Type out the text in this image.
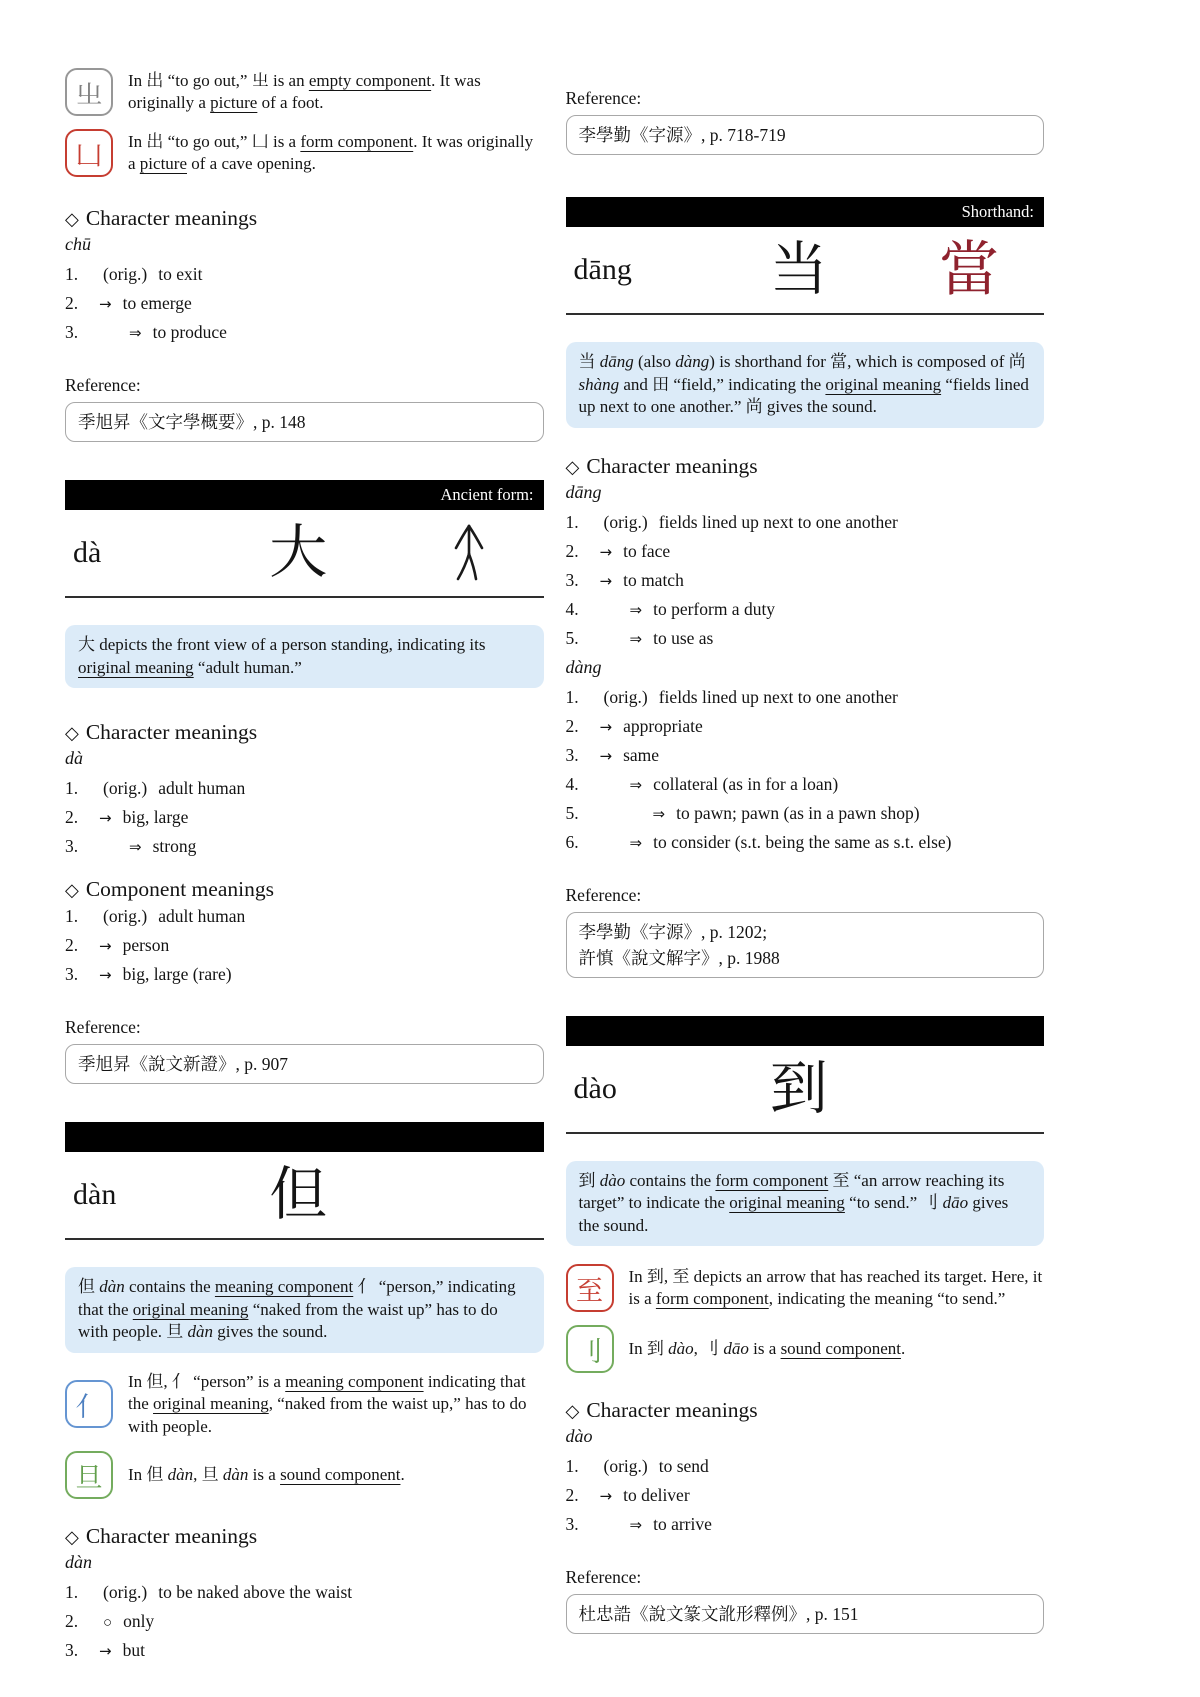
㞢 In 出 “to go out,” 㞢 is an empty component. It was originally a picture of a foot.
凵 In 出 “to go out,” 凵 is a form component. It was originally a picture of a cave opening.
◇ Character meanings
chū
1.	(orig.) to exit
2.	→ to emerge
3.	⇒ to produce
Reference:
季旭昇《文字學概要》, p. 148
Ancient form:
dà	大
大 depicts the front view of a person standing, indicating its original meaning “adult human.”
◇ Character meanings
dà
1.	(orig.) adult human
2.	→ big, large
3.	⇒ strong
◇ Component meanings
1.	(orig.) adult human
2.	→ person
3.	→ big, large (rare)
Reference:
季旭昇《說文新證》, p. 907
dàn	但
但 dàn contains the meaning component 亻 “person,” indicating that the original meaning “naked from the waist up” has to do with people. 旦 dàn gives the sound.
亻
In 但, 亻 “person” is a meaning component indicating that the original meaning, “naked from the waist up,” has to do with people.
旦 In 但 dàn, 旦 dàn is a sound component.
◇ Character meanings
dàn
1.	(orig.) to be naked above the waist
2.	○ only
3.	→ but
Reference:
李學勤《字源》, p. 718-719
Shorthand:
dāng	当	當
当 dāng (also dàng) is shorthand for 當, which is composed of 尚 shàng and 田 “field,” indicating the original meaning “fields lined up next to one another.” 尚 gives the sound.
◇ Character meanings
dāng
1.	(orig.) fields lined up next to one another
2.	→ to face
3.	→ to match
4.	⇒ to perform a duty
5.	⇒ to use as
dàng
1.	(orig.) fields lined up next to one another
2.	→ appropriate
3.	→ same
4.	⇒ collateral (as in for a loan)
5.	⇒ to pawn; pawn (as in a pawn shop)
6.	⇒ to consider (s.t. being the same as s.t. else)
Reference:
李學勤《字源》, p. 1202;
許慎《說文解字》, p. 1988
dào	到
到 dào contains the form component 至 “an arrow reaching its target” to indicate the original meaning “to send.” 刂 dāo gives the sound.
至 In 到, 至 depicts an arrow that has reached its target. Here, it is a form component, indicating the meaning “to send.”
刂 In 到 dào, 刂 dāo is a sound component.
◇ Character meanings
dào
1.	(orig.) to send
2.	→ to deliver
3.	⇒ to arrive
Reference:
杜忠誥《說文篆文訛形釋例》, p. 151
